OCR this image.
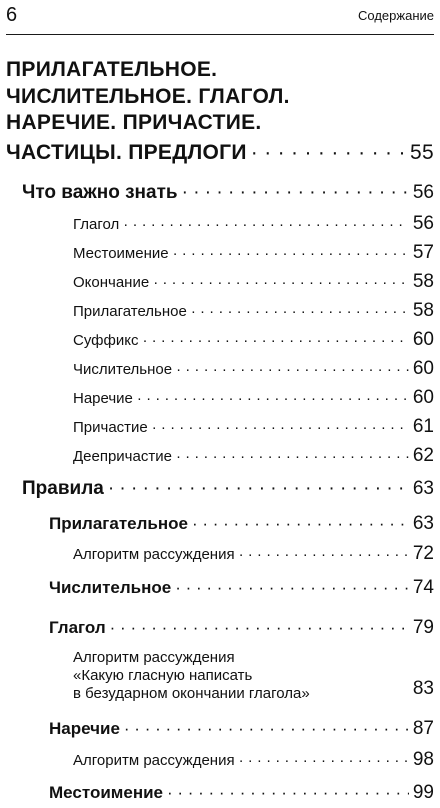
6	Содержание
ПРИЛАГАТЕЛЬНОЕ.
ЧИСЛИТЕЛЬНОЕ. ГЛАГОЛ.
НАРЕЧИЕ. ПРИЧАСТИЕ.
ЧАСТИЦЫ. ПРЕДЛОГИ · · ·	55
Что важно знать · · ·	56
Глагол · · ·	56
Местоимение · · ·	57
Окончание · · ·	58
Прилагательное · · ·	58
Суффикс · · ·	60
Числительное · · ·	60
Наречие · · ·	60
Причастие · · ·	61
Деепричастие · · ·	62
Правила · · ·	63
Прилагательное · · ·	63
Алгоритм рассуждения · · ·	72
Числительное · · ·	74
Глагол · · ·	79
Алгоритм рассуждения
«Какую гласную написать
в безударном окончании глагола»	83
Наречие · · ·	87
Алгоритм рассуждения · · ·	98
Местоимение · · ·	99
